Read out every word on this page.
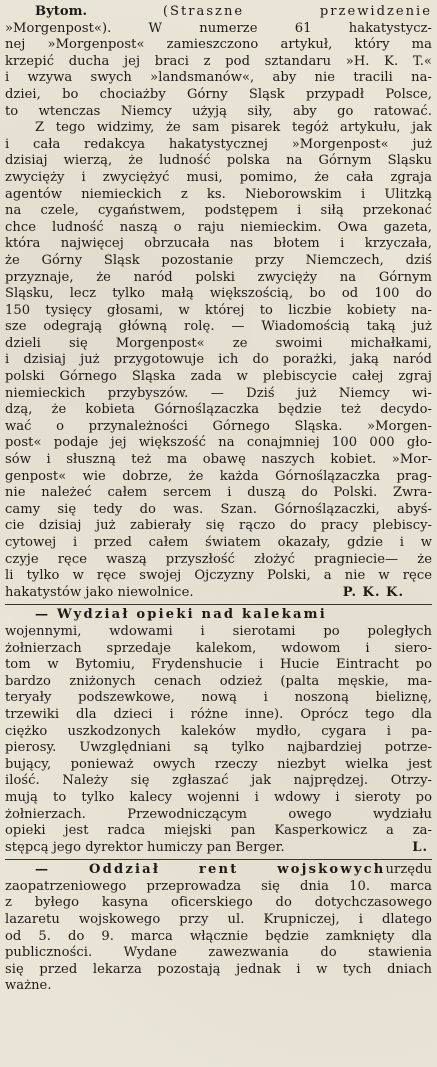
Bytom. (Straszne przewidzenie
»Morgenpost«). W numerze 61 hakatystycz-
nej »Morgenpost« zamieszczono artykuł, który ma
krzepić ducha jej braci z pod sztandaru »H. K. T.«
i wzywa swych »landsmanów«, aby nie tracili na-
dziei, bo chociażby Górny Śląsk przypadł Polsce,
to wtenczas Niemcy użyją siły, aby go ratować.
Z tego widzimy, że sam pisarek tegóż artykułu, jak
i cała redakcya hakatystycznej »Morgenpost« już
dzisiaj wierzą, że ludność polska na Górnym Śląsku
zwycięży i zwyciężyć musi, pomimo, że cała zgraja
agentów niemieckich z ks. Nieborowskim i Ulitzką
na czele, cygaństwem, podstępem i siłą przekonać
chce ludność naszą o raju niemieckim. Owa gazeta,
która najwięcej obrzucała nas błotem i krzyczała,
że Górny Śląsk pozostanie przy Niemczech, dziś
przyznaje, że naród polski zwycięży na Górnym
Śląsku, lecz tylko małą większością, bo od 100 do
150 tysięcy głosami, w której to liczbie kobiety na-
sze odegrają główną rolę. — Wiadomością taką już
dzieli się Morgenpost« ze swoimi michałkami,
i dzisiaj już przygotowuje ich do porażki, jaką naród
polski Górnego Śląska zada w plebiscycie całej zgraj
niemieckich przybyszów. — Dziś już Niemcy wi-
dzą, że kobieta Górnoślązaczka będzie też decydo-
wać o przynależności Górnego Śląska. »Morgen-
post« podaje jej większość na conajmniej 100 000 gło-
sów i słuszną też ma obawę naszych kobiet. »Mor-
genpost« wie dobrze, że każda Górnoślązaczka prag-
nie należeć całem sercem i duszą do Polski. Zwra-
camy się tedy do was. Szan. Górnoślązaczki, abyś-
cie dzisiaj już zabierały się rączo do pracy plebiscy-
cytowej i przed całem światem okazały, gdzie i w
czyje ręce waszą przyszłość złożyć pragniecie— że
li tylko w ręce swojej Ojczyzny Polski, a nie w ręce
hakatystów jako niewolnice.	P. K. K.
— Wydział opieki nad kalekami
wojennymi, wdowami i sierotami po poległych
żołnierzach sprzedaje kalekom, wdowom i siero-
tom w Bytomiu, Frydenshucie i Hucie Eintracht po
bardzo zniżonych cenach odzież (palta męskie, ma-
teryały podszewkowe, nową i noszoną bieliznę,
trzewiki dla dzieci i różne inne). Oprócz tego dla
ciężko uszkodzonych kaleków mydło, cygara i pa-
pierosy. Uwzględniani są tylko najbardziej potrze-
bujący, ponieważ owych rzeczy niezbyt wielka jest
ilość. Należy się zgłaszać jak najprędzej. Otrzy-
mują to tylko kalecy wojenni i wdowy i sieroty po
żołnierzach. Przewodniczącym owego wydziału
opieki jest radca miejski pan Kasperkowicz a za-
stępcą jego dyrektor humiczy pan Berger.	L.
— Oddział rent wojskowych urzędu
zaopatrzeniowego przeprowadza się dnia 10. marca
z byłego kasyna oficerskiego do dotychczasowego
lazaretu wojskowego przy ul. Krupniczej, i dlatego
od 5. do 9. marca włącznie będzie zamknięty dla
publiczności. Wydane zawezwania do stawienia
się przed lekarza pozostają jednak i w tych dniach
ważne.
